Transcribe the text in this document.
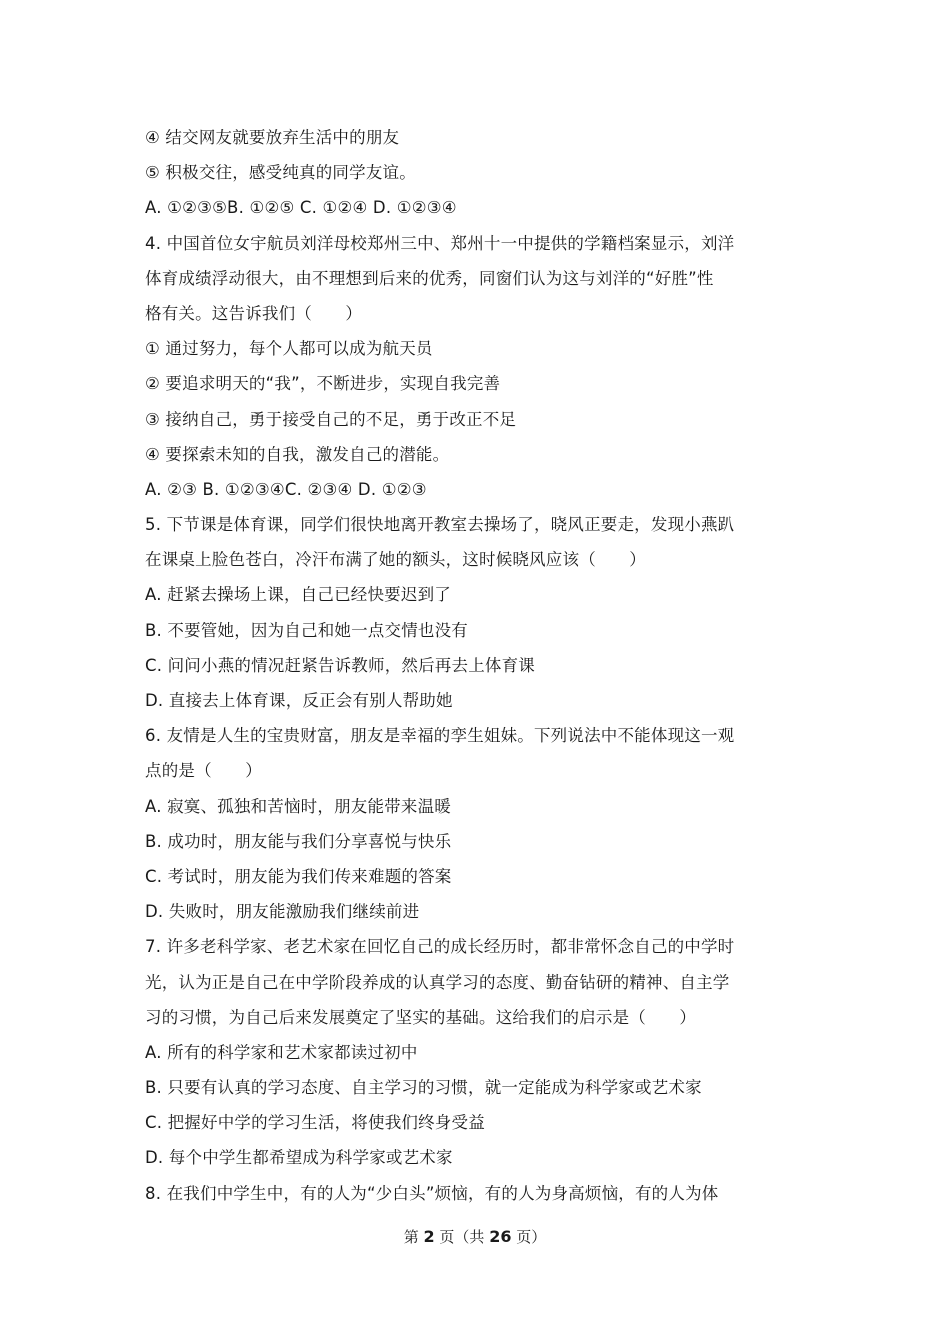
④ 结交网友就要放弃生活中的朋友
⑤ 积极交往，感受纯真的同学友谊。
A. ①②③⑤B. ①②⑤ C. ①②④ D. ①②③④
4. 中国首位女宇航员刘洋母校郑州三中、郑州十一中提供的学籍档案显示，刘洋
体育成绩浮动很大，由不理想到后来的优秀，同窗们认为这与刘洋的“好胜”性
格有关。这告诉我们（　　）
① 通过努力，每个人都可以成为航天员
② 要追求明天的“我”，不断进步，实现自我完善
③ 接纳自己，勇于接受自己的不足，勇于改正不足
④ 要探索未知的自我，激发自己的潜能。
A. ②③ B. ①②③④C. ②③④ D. ①②③
5. 下节课是体育课，同学们很快地离开教室去操场了，晓风正要走，发现小燕趴
在课桌上脸色苍白，冷汗布满了她的额头，这时候晓风应该（　　）
A. 赶紧去操场上课，自己已经快要迟到了
B. 不要管她，因为自己和她一点交情也没有
C. 问问小燕的情况赶紧告诉教师，然后再去上体育课
D. 直接去上体育课，反正会有别人帮助她
6. 友情是人生的宝贵财富，朋友是幸福的孪生姐妹。下列说法中不能体现这一观
点的是（　　）
A. 寂寞、孤独和苦恼时，朋友能带来温暖
B. 成功时，朋友能与我们分享喜悦与快乐
C. 考试时，朋友能为我们传来难题的答案
D. 失败时，朋友能激励我们继续前进
7. 许多老科学家、老艺术家在回忆自己的成长经历时，都非常怀念自己的中学时
光，认为正是自己在中学阶段养成的认真学习的态度、勤奋钻研的精神、自主学
习的习惯，为自己后来发展奠定了坚实的基础。这给我们的启示是（　　）
A. 所有的科学家和艺术家都读过初中
B. 只要有认真的学习态度、自主学习的习惯，就一定能成为科学家或艺术家
C. 把握好中学的学习生活，将使我们终身受益
D. 每个中学生都希望成为科学家或艺术家
8. 在我们中学生中，有的人为“少白头”烦恼，有的人为身高烦恼，有的人为体
第 2 页（共 26 页）
